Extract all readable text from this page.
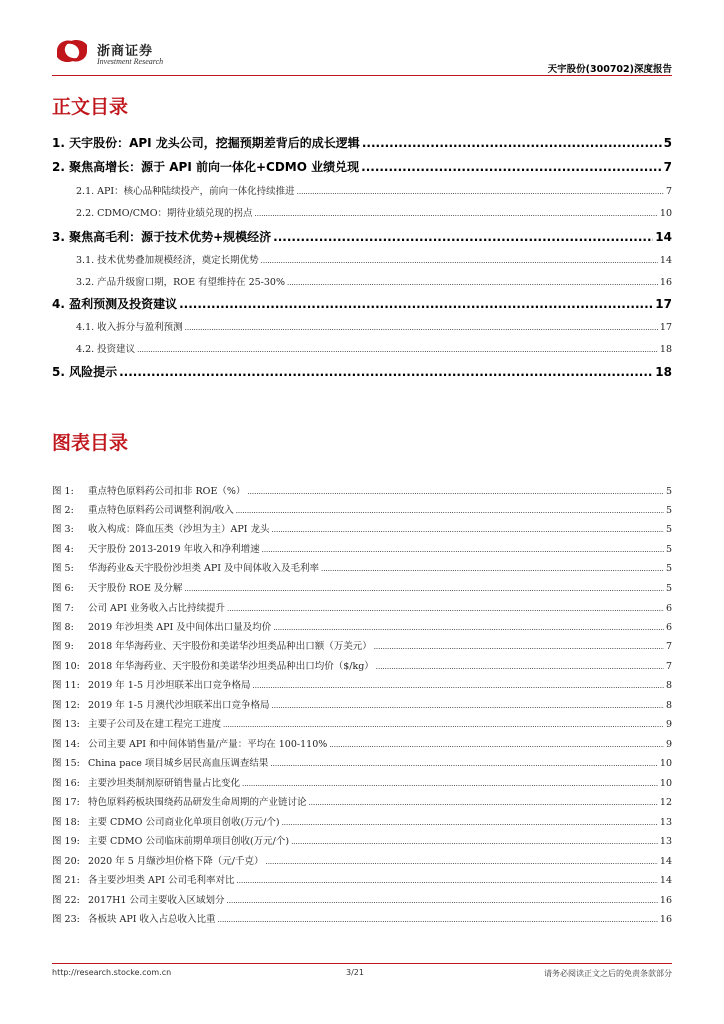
浙商证券
Investment Research
天宇股份(300702)深度报告
正文目录
1. 天宇股份：API 龙头公司，挖掘预期差背后的成长逻辑 .....	5
2. 聚焦高增长：源于 API 前向一体化+CDMO 业绩兑现 .....	7
2.1. API：核心品种陆续投产，前向一体化持续推进 .....	7
2.2. CDMO/CMO：期待业绩兑现的拐点 .....	10
3. 聚焦高毛利：源于技术优势+规模经济 .....	14
3.1. 技术优势叠加规模经济，奠定长期优势 .....	14
3.2. 产品升级窗口期，ROE 有望维持在 25-30% .....	16
4. 盈利预测及投资建议 .....	17
4.1. 收入拆分与盈利预测 .....	17
4.2. 投资建议 .....	18
5. 风险提示 .....	18
图表目录
图 1: 重点特色原料药公司扣非 ROE（%） .....	5
图 2: 重点特色原料药公司调整利润/收入 .....	5
图 3: 收入构成：降血压类（沙坦为主）API 龙头 .....	5
图 4: 天宇股份 2013-2019 年收入和净利增速 .....	5
图 5: 华海药业&天宇股份沙坦类 API 及中间体收入及毛利率 .....	5
图 6: 天宇股份 ROE 及分解 .....	5
图 7: 公司 API 业务收入占比持续提升 .....	6
图 8: 2019 年沙坦类 API 及中间体出口量及均价 .....	6
图 9: 2018 年华海药业、天宇股份和美诺华沙坦类品种出口额（万美元） .....	7
图 10: 2018 年华海药业、天宇股份和美诺华沙坦类品种出口均价（$/kg） .....	7
图 11: 2019 年 1-5 月沙坦联苯出口竞争格局 .....	8
图 12: 2019 年 1-5 月澳代沙坦联苯出口竞争格局 .....	8
图 13: 主要子公司及在建工程完工进度 .....	9
图 14: 公司主要 API 和中间体销售量/产量：平均在 100-110% .....	9
图 15: China pace 项目城乡居民高血压调查结果 .....	10
图 16: 主要沙坦类制剂原研销售量占比变化 .....	10
图 17: 特色原料药板块围绕药品研发生命周期的产业链讨论 .....	12
图 18: 主要 CDMO 公司商业化单项目创收(万元/个) .....	13
图 19: 主要 CDMO 公司临床前期单项目创收(万元/个) .....	13
图 20: 2020 年 5 月缬沙坦价格下降（元/千克） .....	14
图 21: 各主要沙坦类 API 公司毛利率对比 .....	14
图 22: 2017H1 公司主要收入区域划分 .....	16
图 23: 各板块 API 收入占总收入比重 .....	16
http://research.stocke.com.cn	3/21	请务必阅读正文之后的免责条款部分
